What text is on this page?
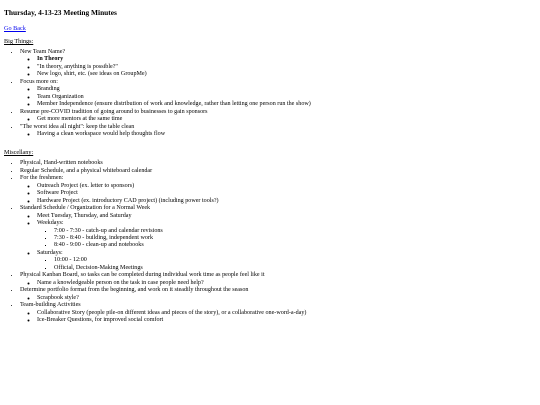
Thursday, 4-13-23 Meeting Minutes
Go Back
Big Things:
• New Team Name?
◦ In Theory
◦ "In theory, anything is possible?"
◦ New logo, shirt, etc. (see ideas on GroupMe)
• Focus more on:
◦ Branding
◦ Team Organization
◦ Member Independence (ensure distribution of work and knowledge, rather than letting one person run the show)
• Resume pre-COVID tradition of going around to businesses to gain sponsors
◦ Get more mentors at the same time
• "The worst idea all night": keep the table clean
◦ Having a clean workspace would help thoughts flow
Miscellany:
• Physical, Hand-written notebooks
• Regular Schedule, and a physical whiteboard calendar
• For the freshmen:
◦ Outreach Project (ex. letter to sponsors)
◦ Software Project
◦ Hardware Project (ex. introductory CAD project) (including power tools?)
• Standard Schedule / Organization for a Normal Week
◦ Meet Tuesday, Thursday, and Saturday
◦ Weekdays:
▪ 7:00 - 7:30 - catch-up and calendar revisions
▪ 7:30 - 8:40 - building, independent work
▪ 8:40 - 9:00 - clean-up and notebooks
◦ Saturdays:
▪ 10:00 - 12:00
▪ Official, Decision-Making Meetings
• Physical Kanban Board, so tasks can be completed during individual work time as people feel like it
◦ Name a knowledgeable person on the task in case people need help?
• Determine portfolio format from the beginning, and work on it steadily throughout the season
◦ Scrapbook style?
• Team-building Activities
◦ Collaborative Story (people pile-on different ideas and pieces of the story), or a collaborative one-word-a-day)
◦ Ice-Breaker Questions, for improved social comfort
